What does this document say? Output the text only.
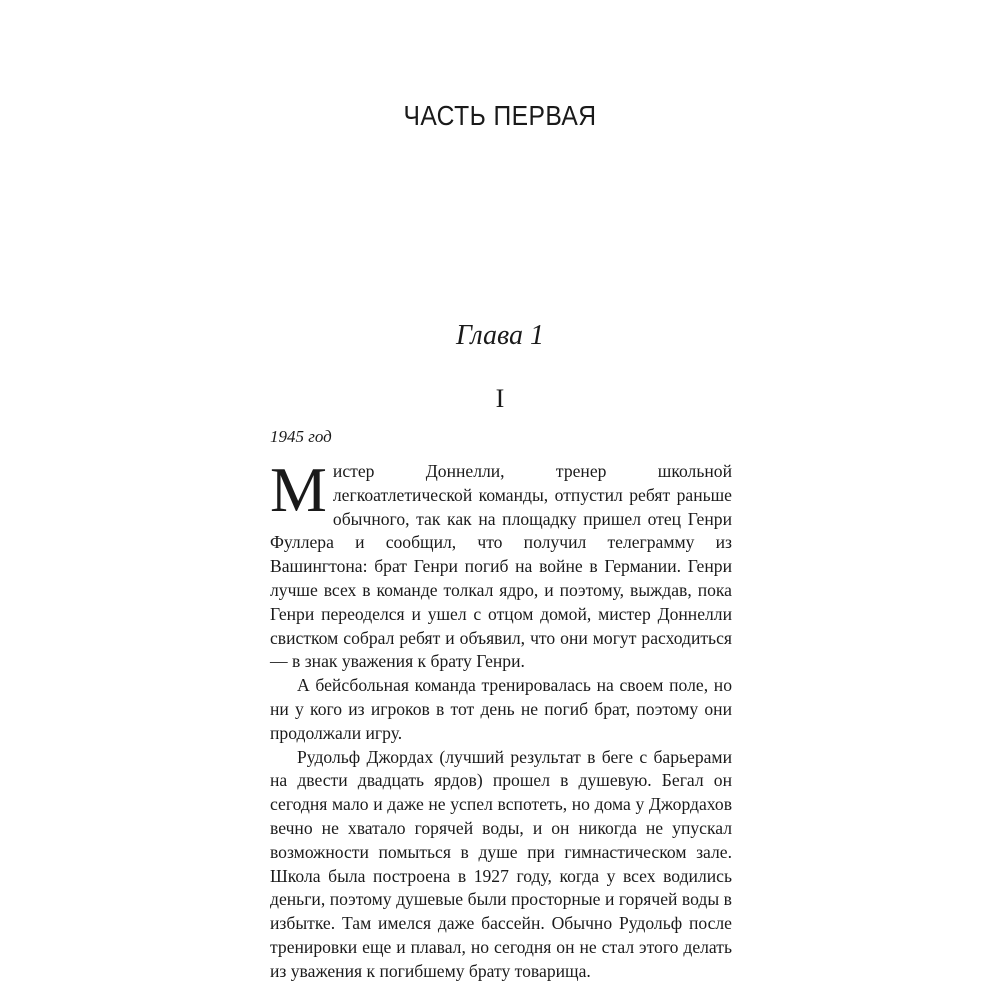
ЧАСТЬ ПЕРВАЯ
Глава 1
I
1945 год

Мистер Доннелли, тренер школьной легкоатлетической команды, отпустил ребят раньше обычного, так как на площадку пришел отец Генри Фуллера и сообщил, что получил телеграмму из Вашингтона: брат Генри погиб на войне в Германии. Генри лучше всех в команде толкал ядро, и поэтому, выждав, пока Генри переоделся и ушел с отцом домой, мистер Доннелли свистком собрал ребят и объявил, что они могут расходиться — в знак уважения к брату Генри.

А бейсбольная команда тренировалась на своем поле, но ни у кого из игроков в тот день не погиб брат, поэтому они продолжали игру.

Рудольф Джордах (лучший результат в беге с барьерами на двести двадцать ярдов) прошел в душевую. Бегал он сегодня мало и даже не успел вспотеть, но дома у Джордахов вечно не хватало горячей воды, и он никогда не упускал возможности помыться в душе при гимнастическом зале. Школа была построена в 1927 году, когда у всех водились деньги, поэтому душевые были просторные и горячей воды в избытке. Там имелся даже бассейн. Обычно Рудольф после тренировки еще и плавал, но сегодня он не стал этого делать из уважения к погибшему брату товарища.
